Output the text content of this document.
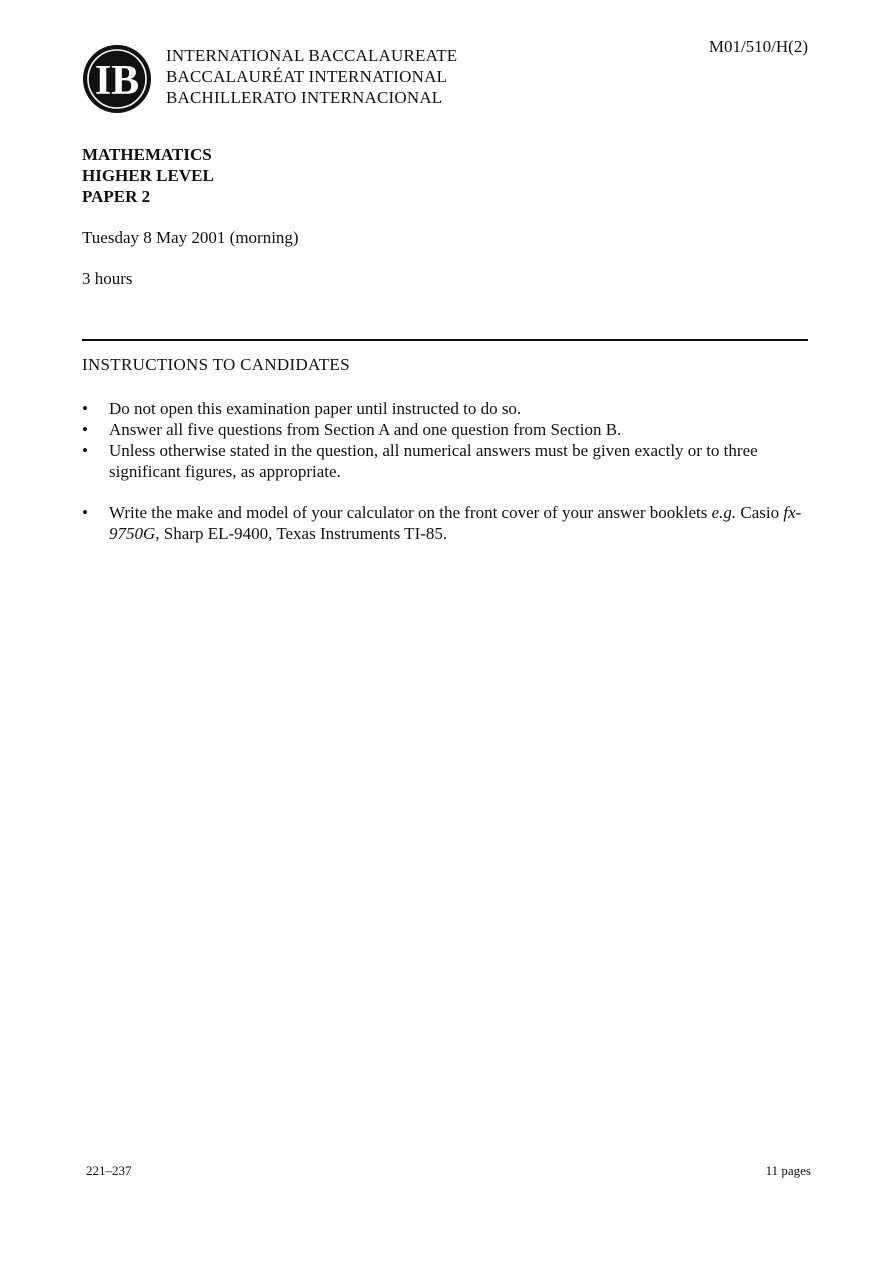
IB
INTERNATIONAL BACCALAUREATE
BACCALAURÉAT INTERNATIONAL
BACHILLERATO INTERNACIONAL
M01/510/H(2)
MATHEMATICS
HIGHER LEVEL
PAPER 2
Tuesday 8 May 2001 (morning)
3 hours
INSTRUCTIONS TO CANDIDATES
• Do not open this examination paper until instructed to do so.
• Answer all five questions from Section A and one question from Section B.
• Unless otherwise stated in the question, all numerical answers must be given exactly or to three significant figures, as appropriate.
• Write the make and model of your calculator on the front cover of your answer booklets e.g. Casio fx-9750G, Sharp EL-9400, Texas Instruments TI-85.
221–237	11 pages
